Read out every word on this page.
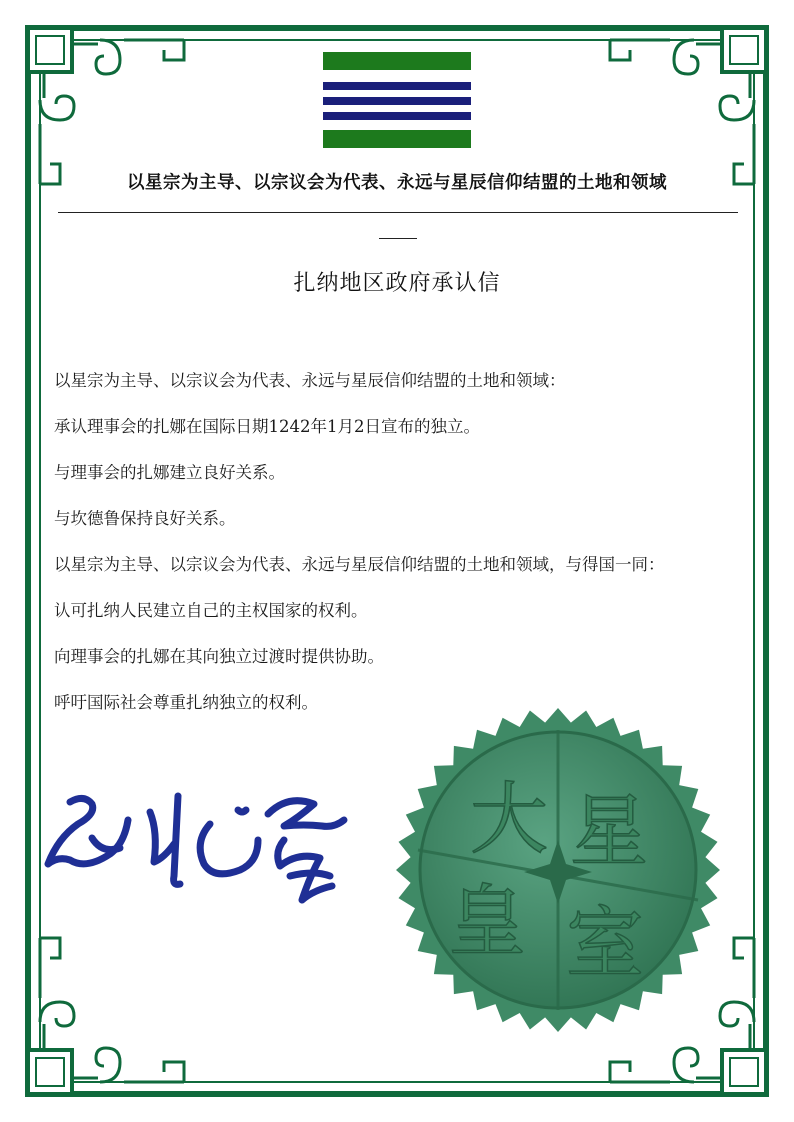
以星宗为主导、以宗议会为代表、永远与星辰信仰结盟的土地和领域
扎纳地区政府承认信

以星宗为主导、以宗议会为代表、永远与星辰信仰结盟的土地和领域：

承认理事会的扎娜在国际日期1242年1月2日宣布的独立。

与理事会的扎娜建立良好关系。

与坎德鲁保持良好关系。

以星宗为主导、以宗议会为代表、永远与星辰信仰结盟的土地和领域，与得国一同：

认可扎纳人民建立自己的主权国家的权利。

向理事会的扎娜在其向独立过渡时提供协助。

呼吁国际社会尊重扎纳独立的权利。

大 星
皇 室
